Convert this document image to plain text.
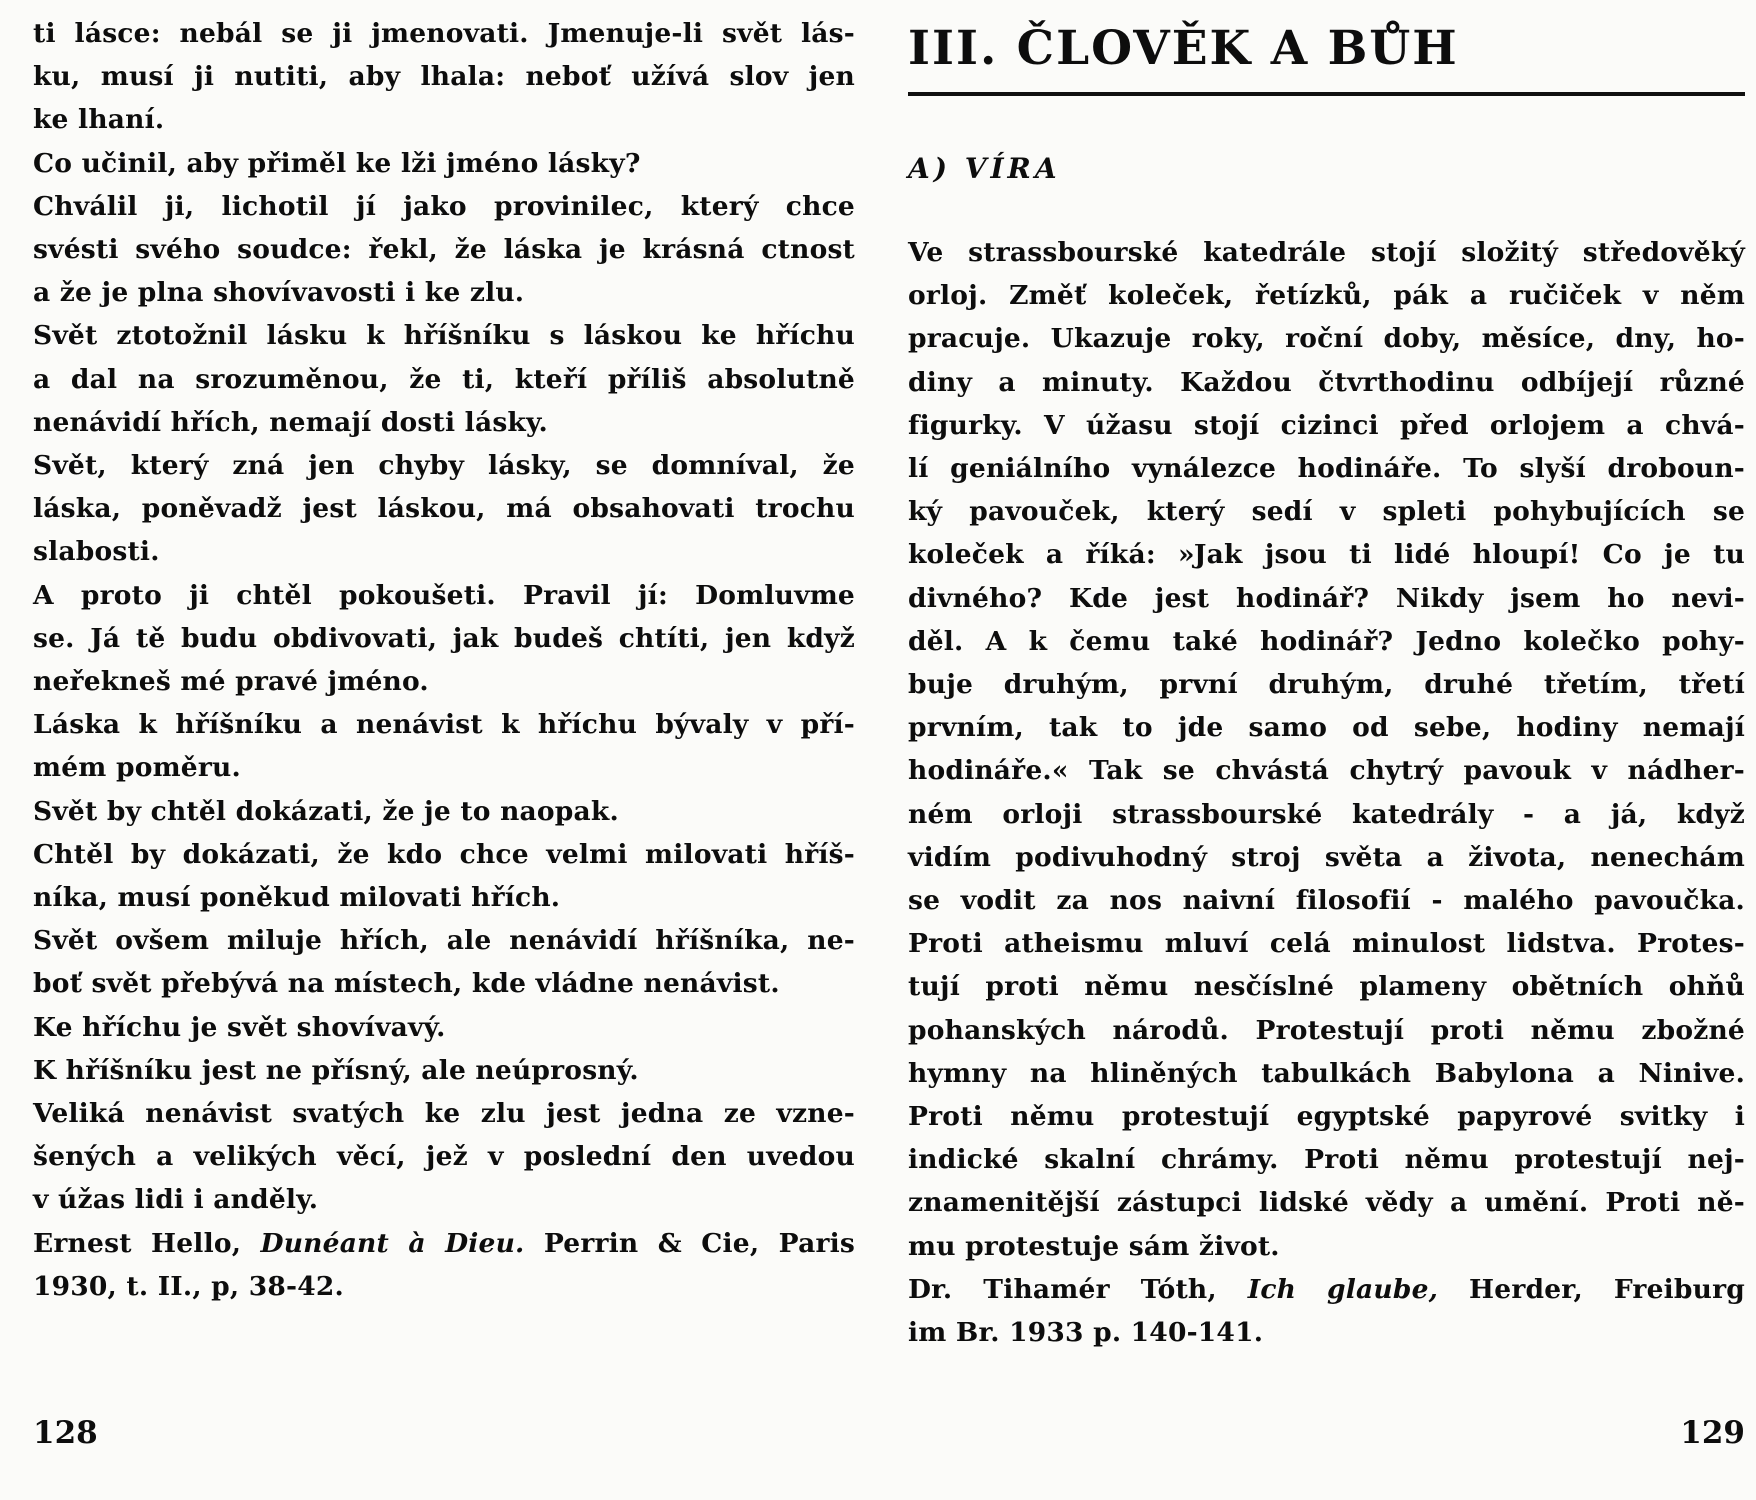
ti lásce: nebál se ji jmenovati. Jmenuje-li svět lás-
ku, musí ji nutiti, aby lhala: neboť užívá slov jen
ke lhaní.
Co učinil, aby přiměl ke lži jméno lásky?
Chválil ji, lichotil jí jako provinilec, který chce
svésti svého soudce: řekl, že láska je krásná ctnost
a že je plna shovívavosti i ke zlu.
Svět ztotožnil lásku k hříšníku s láskou ke hříchu
a dal na srozuměnou, že ti, kteří příliš absolutně
nenávidí hřích, nemají dosti lásky.
Svět, který zná jen chyby lásky, se domníval, že
láska, poněvadž jest láskou, má obsahovati trochu
slabosti.
A proto ji chtěl pokoušeti. Pravil jí: Domluvme
se. Já tě budu obdivovati, jak budeš chtíti, jen když
neřekneš mé pravé jméno.
Láska k hříšníku a nenávist k hříchu bývaly v pří-
mém poměru.
Svět by chtěl dokázati, že je to naopak.
Chtěl by dokázati, že kdo chce velmi milovati hříš-
níka, musí poněkud milovati hřích.
Svět ovšem miluje hřích, ale nenávidí hříšníka, ne-
boť svět přebývá na místech, kde vládne nenávist.
Ke hříchu je svět shovívavý.
K hříšníku jest ne přísný, ale neúprosný.
Veliká nenávist svatých ke zlu jest jedna ze vzne-
šených a velikých věcí, jež v poslední den uvedou
v úžas lidi i anděly.
Ernest Hello, Dunéant à Dieu. Perrin & Cie, Paris
1930, t. II., p, 38-42.
III. ČLOVĚK A BŮH
A) VÍRA
Ve strassbourské katedrále stojí složitý středověký
orloj. Změť koleček, řetízků, pák a ručiček v něm
pracuje. Ukazuje roky, roční doby, měsíce, dny, ho-
diny a minuty. Každou čtvrthodinu odbíjejí různé
figurky. V úžasu stojí cizinci před orlojem a chvá-
lí geniálního vynálezce hodináře. To slyší droboun-
ký pavouček, který sedí v spleti pohybujících se
koleček a říká: »Jak jsou ti lidé hloupí! Co je tu
divného? Kde jest hodinář? Nikdy jsem ho nevi-
děl. A k čemu také hodinář? Jedno kolečko pohy-
buje druhým, první druhým, druhé třetím, třetí
prvním, tak to jde samo od sebe, hodiny nemají
hodináře.« Tak se chvástá chytrý pavouk v nádher-
ném orloji strassbourské katedrály - a já, když
vidím podivuhodný stroj světa a života, nenechám
se vodit za nos naivní filosofií - malého pavoučka.
Proti atheismu mluví celá minulost lidstva. Protes-
tují proti němu nesčíslné plameny obětních ohňů
pohanských národů. Protestují proti němu zbožné
hymny na hliněných tabulkách Babylona a Ninive.
Proti němu protestují egyptské papyrové svitky i
indické skalní chrámy. Proti němu protestují nej-
znamenitější zástupci lidské vědy a umění. Proti ně-
mu protestuje sám život.
Dr. Tihamér Tóth, Ich glaube, Herder, Freiburg
im Br. 1933 p. 140-141.
128	129
